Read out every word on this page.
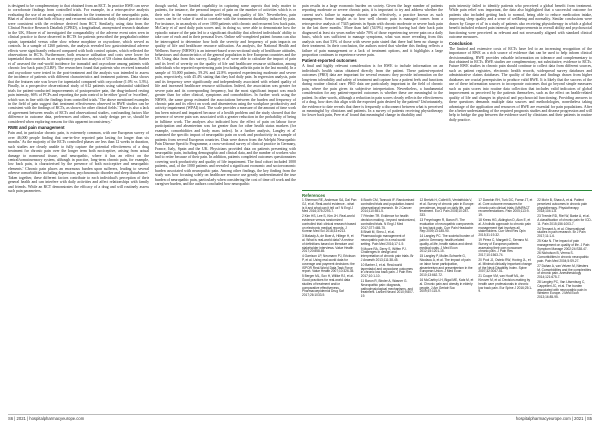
is designed to be complementary to that obtained from an RCT. In practice RWE can serve to corroborate findings from controlled trials. For example, in a retrospective analysis evaluating the use of an analgesic combination for the treatment of the neuropathic pain, Bhat et al' showed that both efficacy and recurrent utilization in daily clinical practice data were consistent with the evidence derived from RCT. Similarly, using data from the Clinical Practice Research Datalink (CPRD), a longitudinal, anonymised research database in the UK, Moore et al' investigated the comparability of the adverse event rates seen in clinical practice to those observed in RCTS for patients prescribed the pregabalin/codeine opiate, tapentadol versus other slow release morphine or oxycodone, which served as controls. In a sample of 1260 patients, the analysis revealed low gastrointestinal adverse effects were significantly reduced compared with both control opiates, which reflected the observations in RCTs. Furthermore, both resource utilisation and costs were lower for tapentadol than controls. In an exploratory post hoc analysis of US claims database, Barber et al' assessed the real-world incidence for tramadol and oxycodone among patients with chronic low back pain (CLBP). The researchers found that patients who received tramadol and oxycodone were tested in the post-treatment and the analysis was intended to assess the incidence of patients with different characteristics and treatment patterns. Data shows that the features rate was lower for tapentadol compared with oxycodone (1.0% vs 3.3%). Finally, in a prospective observational study of 612 patients using substantial stabilized trials for patient-conducted improvements of postoperative pain, the drug-induced resting pain intensity, 66% of PCPs and reporting the pain control to be either 'good' or 'excellent', which was in line with the findings from controlled trials.' The above mentioned examples in the field of pain suggest that treatment effectiveness observed in RWE studies can be consistent with the findings of RCTs, as shown for other clinical fields.' There is also a lack of agreement between results of RCTs and observational studies, confounding factors like difference in outcome data, preferences and others, not study design per se, should be considered when exploring reasons for this apparent inconsistency.'

RWE and pain management

Pain and, in particular chronic pain, is extremely common, with one European survey of over 46,000 people finding that one-in-five reported pain lasting for longer than six months.' As the majority of the RCTs controlled phases are less than 12 weeks in duration, such studies are clearly unable to fully capture the potential effectiveness of a drug treatment for chronic pain over the longer term both nociceptive, arising from actual damage to nonneural tissue, and neuropathic, where it has an effect on the central/somatosensory system, although in practice, long-term chronic pain, for example, low back pain, is characterised by the presence of both nociceptive and neuropathic elements.' Chronic pain places an enormous burden upon sufferers, leading to several adverse comorbidities including depression, psychosomatic disorder and sleep disturbance.' Taken together, these different factors contribute to each individual's perception of their general health and can interfere with daily activities and affect relationships with family and friends. While an RCT demonstrates the efficacy of a drug and will routinely assess such pain parameters.

though useful, have limited capability in capturing some aspects that truly matter to patients, for instance, the personal impact of pain on the number of activities which is or their role in the economic situation well-being and quality of life.' Nevertheless, pain scores can be of value if used to correlate with the treatment durability induced by pain. For instance, in an analysis of over 1000 patients with chronic and recurrent low back pain, McCarty et al' used daily pain scores and, in doing so, were able to demonstrate how the episodic nature of the pain led to a significant disability that affected individuals' ability to take care of each and in their personal lives. Online self-completed patient forums can also be interrogated to determine how both the severity and frequency of pain impacts on quality of life and healthcare resource utilisation. An analysis, the National Health and Wellness Survey (NHWS) is an internet-based cross-sectional study of healthcare attitudes, behaviours and characteristics of the general population in five European countries and the US. Using data from this survey, Langley et al' were able to calculate the impact of pain and its level of severity on the quality of life and healthcare resource utilization, among individuals who reported experiencing pain (excluding arthritis pain in the last month). In a sample of 53,000 patients, 59.2% and 22.8% reported experiencing moderate and severe pain, respectively, with 45.4% stating that they had daily pain. In regression analysis, pain and its frequency were significantly and independently associated with related quality of life and increased healthcare resource utilisation. Indeed, the association was greater for severe pain and its corresponding frequency, but the most significant impact was much greater than for other clinical, symptoms and comorbidities. In further work using the NHWS, the same group estimated the associations between the burden and frequency of chronic pain and its effect on work and absenteeism using the workplace productivity and activity impairment (WPAI) tool. The scale provides a measure of the amount of time work has been missed and impaired because of a health problem and the study showed that the presence of severe pain was associated with a greater reduction in the probability of being in fulltime work. The analyses also indicated how the effect of pain on labour force participation and absenteeism was far greater than for other health status markers (for example, comorbidities and body mass index). In a further analysis, Langley et al' examined the specific impact of neuropathic pain on work and productivity in a sample of patients from several European countries. Data were drawn from the Adelphi Neuropathic Pain Disease Specific Programme, a cross-sectional survey of clinical practice in Germany, France, Italy, Spain and the UK. Physicians provided data on patients presenting with neuropathic pain, including demographic and clinical data, and the number of workers who had to retire because of their pain. In addition, patients completed outcomes questionnaires covering work productivity and quality of life impairment. The final cohort included 1000 patients, and, of the 1000 patients and revealed a significant economic and socioeconomic burden associated with neuropathic pain. Among other findings, the key finding from the study was how focusing solely on healthcare resource use greatly underestimated the true burden of neuropathic pain, particularly when considering the cost of time off work and the caregiver burden, and the authors concluded how neuropathic

pain results in a large economic burden on society. Given the large number of patients reporting moderate or severe chronic pain, it is important to try and address whether the current use's failure to manage chronic pain effectively, a practice known as such management. Some insight as to how well chronic pain is managed comes from a retrospective analysis of 7345 patients in Spain with chronic moderate or severe back pain in the last three months.' More than half (54.9%) reported having had their back pain diagnosed at least six years earlier while 70% of those experiencing severe pain on a daily basis, which was sufficient to manage symptoms, what was more revealing from this analysis was that 53% of those with severe pain stated that there had been no change to their treatment. In their conclusion, the authors noted that whether this finding reflects a failure of pain management or a lack of treatment options, and it highlights a large proportion continues to experience severe pain.

Patient-reported outcomes

A final and highly relevant consideration is for RWE to include information on an individual's health status obtained directly from the patient. These patient-reported outcomes (PRO) data are important for several reasons: they provide information on the long-term tolerability and safety of treatment and capture how a patient feels and functions during routine clinical care. PRO data are particularly important in the field of chronic pain, where the pain given its subjective interpretation. Nevertheless, a fundamental consideration for any patient-reported outcomes is whether these are meaningful to the patient. In other words, although a reduction in pain scores clearly reflects the effectiveness of a drug, how does this align with the expected gain desired by the patient? Unfortunately, the evidence to date reveals that there is frequently a disconnect between what is perceived as meaningful by clinicians and patients. In a survey of patients receiving physiotherapy for lower back pain, Pree et al' found that meaningful change in disability and

pain intensity failed to identify patients who perceived a global benefit from treatment. While pain relief was important, the data also highlighted that a successful outcome for patients also included getting back to normal, being able to reduce medication intake, improving sleep quality and a sense of wellbeing and normality. Similar conclusions were drawn by Coupe et al' in a study of patients also receiving physiotherapy in which a global benefit included reduced pain intensity and improvements in overall ability and psychosocial functioning were perceived as relevant and not necessarily aligned with standard clinical outcome measures.

Conclusion

The limited and extensive costs of RCTs have led to an increasing recognition of the importance of RWE as a rich source of evidence that can be used to help inform clinical decisionmaking. RWE provides valuable information on tolerance and complementary to that obtained in RCTs. RWE studies are complementary, not substitutive, evidence to RCTs. Future RWE studies in chronic pain should continue to collect data from different sources, such as patient registries, electronic health records, widespread survey databases and administrative claims databases. The quality of the data and findings drawn from higher databases are crucial prerequisites to produce valid RWE. It is likely that the success of the use of these information sources to incorporate outcomes that go beyond simple measures such as pain scores into routine data collection that includes valid indicators of global improvement as perceived by the patients themselves, such as the effect on health-related quality of life and changes in physical and psychosocial functioning. Providing answers to these questions demands multiple data sources and methodologies, nonetheless taking advantage of the application and resources of RWE are essential for pain populations. After the a better understanding of the required prognosis studies and disease progression and will help to bridge the gap between the evidence used by clinicians and their patients in routine daily practice.

References
1 Sherman RE, Anderson SA, Dal Pan GJ, et al. Real-world evidence - what is it and what can it tell us? N Engl J Med 2016;375:2293-7.
2 Kim HS, Lee S, Kim JH. Real-world evidence versus randomized controlled trial: clinical research based on electronic medical records. J Korean Med Sci 2018;33:e213.
3 Makady A, de Boer A, Hillege H, et al. What is real-world data? A review of definitions based on literature and stakeholder interviews. Value Health 2017;20:858-65.
4 Garrison LP, Neumann PJ, Erickson P, et al. Using real-world data for coverage and payment decisions: the ISPOR Real-World Data Task Force report. Value Health 2007;10:326-35.
5 Berger ML, Sox H, Willke RJ, et al. Good practices for real-world data studies of treatment and/or comparative effectiveness. Pharmacoepidemiol Drug Saf 2017;26:1033-9.
6 Booth CM, Tannock IF. Randomised controlled trials and population-based observational research. Br J Cancer 2014;110:551-5.
7 Frieden TR. Evidence for health decision making - beyond randomized, controlled trials. N Engl J Med 2017;377:465-75.
8 Bhatt M, Sheu J, et al. Pharmacologic management of neuropathic pain in a real-world setting. Pain Med 2016;17:1-9.
9 Moore RA, Derry S, Wiffen PJ. Challenges in design and interpretation of chronic pain trials. Br J Anaesth 2013;111:38-45.
10 Barber J, et al. Real-world tapentadol and oxycodone outcomes in chronic low back pain. J Pain Res 2017;10:1-10.
11 Baron R, Binder A, Wasner G. Neuropathic pain: diagnosis, pathophysiological mechanisms, and treatment. Lancet Neurol 2010;9:807-19.
12 Breivik H, Collett B, Ventafridda V, et al. Survey of chronic pain in Europe: prevalence, impact on daily life, and treatment. Eur J Pain 2006;10:287-333.
13 Freynhagen R, Baron R. The evaluation of neuropathic components in low back pain. Curr Pain Headache Rep 2009;13:185-90.
14 Langley PC. The societal burden of pain in Germany: health-related quality-of-life, health status and direct medical costs. J Med Econ 2012;15:1201-15.
15 Langley P, Muller-Schwefe G, Nicolaou A, et al. The impact of pain on labor force participation, absenteeism and presenteeism in the European Union. J Med Econ 2010;13:662-72.
16 McCarthy LH, Bigal ME, Katz M, et al. Chronic pain and obesity in elderly people. J Am Geriatr Soc 2009;57:115-9.
17 Dworkin RH, Turk DC, Farrar JT, et al. Core outcome measures for chronic pain clinical trials: IMMPACT recommendations. Pain 2005;113:9-19.
18 Kress HG, Aldington D, Alon E, et al. A holistic approach to chronic pain management that involves all stakeholders. Curr Med Res Opin 2015;31:19-32.
19 Pérez C, Margarit C, Serrano M. Survey of European patients assessing their own noncancer chronic pain. J Pain Res 2017;10:1563-74.
20 Pool JJ, Ostelo RW, Hoving JL, et al. Minimal clinically important change of the Neck Disability Index. Spine 2007;32:3047-51.
21 Coupe VM, van Hooff ML, de Kleuver M, et al. Decision-making by health care professionals in chronic low back pain. Eur Spine J 2016;25:1-9.
22 Mohr B, Shaw A, et al. Patient perceived outcomes in chronic pain physiotherapy. Physiotherapy 2018;104:1-8.
23 Treede RD, Rief W, Barke A, et al. A classification of chronic pain for ICD-11. Pain 2015;156:1003-7.
24 Tennant A, et al. Observational studies in pain research. Br J Pain 2017;11:1-6.
25 Katz N. The impact of pain management on quality of life. J Pain Symptom Manage 2002;24:S38-47.
26 Nicholson B, Verma S. Comorbidities in chronic neuropathic pain. Pain Med 2004;5:S9-27.
27 Dahan A, van Velzen M, Niesters M. Comorbidities and the complexities of chronic pain. Anesthesiology 2014;121:675-7.
28 Langley PC, Van Litsenburg C, Cappelleri JC, et al. The burden associated with neuropathic pain in Western Europe. J Med Econ 2013;16:85-95.
S6 | 2021 | hospitalpharmacyeurope.com	hospitalpharmacyeurope.com | 2021 | S5
